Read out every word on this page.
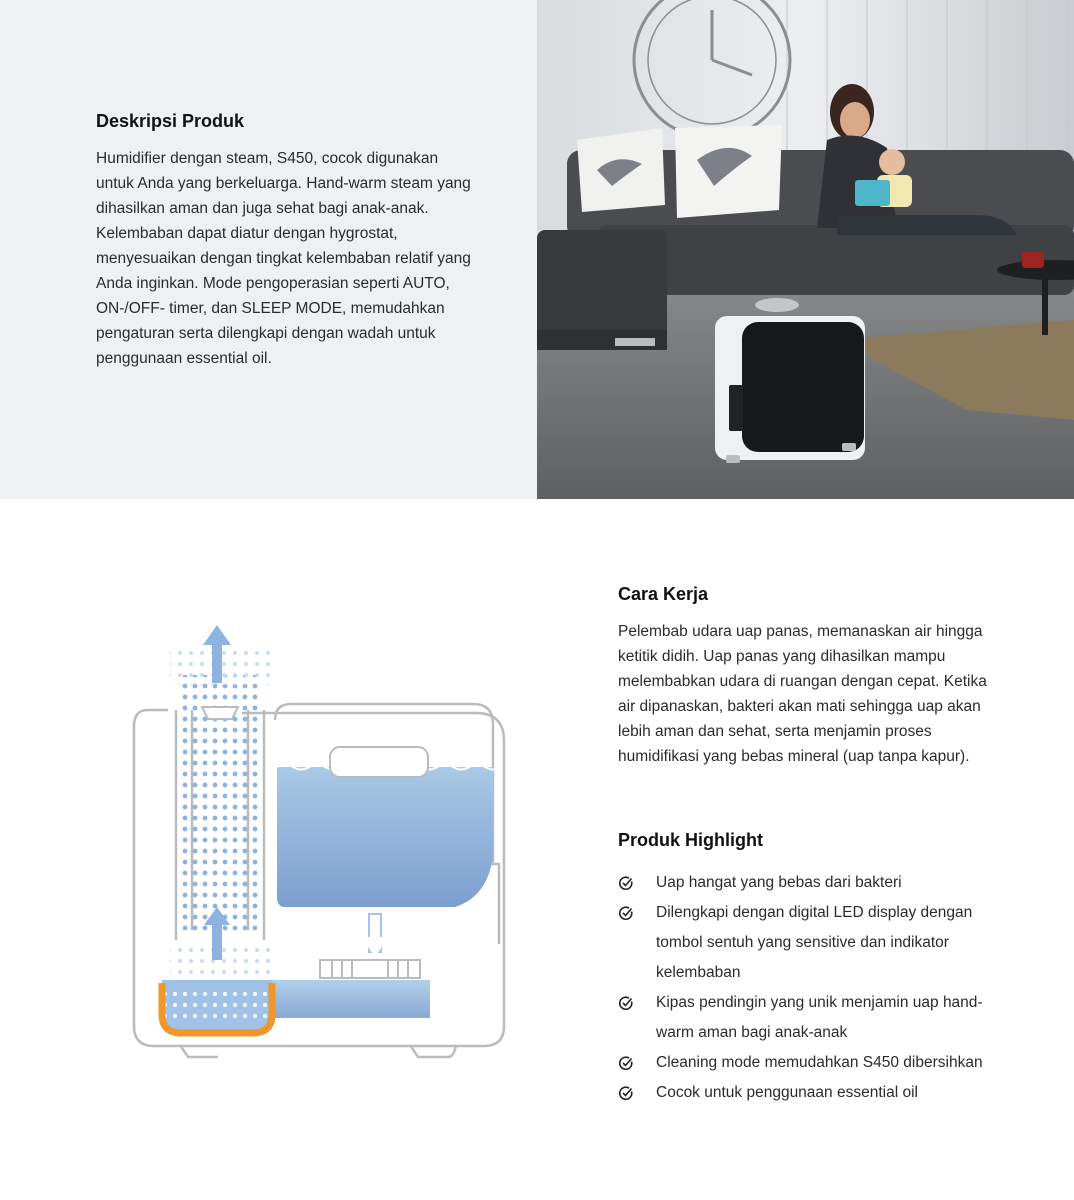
Deskripsi Produk

Humidifier dengan steam, S450, cocok digunakan untuk Anda yang berkeluarga. Hand-warm steam yang dihasilkan aman dan juga sehat bagi anak-anak. Kelembaban dapat diatur dengan hygrostat, menyesuaikan dengan tingkat kelembaban relatif yang Anda inginkan. Mode pengoperasian seperti AUTO, ON-/OFF- timer, dan SLEEP MODE, memudahkan pengaturan serta dilengkapi dengan wadah untuk penggunaan essential oil.

Cara Kerja

Pelembab udara uap panas, memanaskan air hingga ketitik didih. Uap panas yang dihasilkan mampu melembabkan udara di ruangan dengan cepat. Ketika air dipanaskan, bakteri akan mati sehingga uap akan lebih aman dan sehat, serta menjamin proses humidifikasi yang bebas mineral (uap tanpa kapur).

Produk Highlight
Uap hangat yang bebas dari bakteri
Dilengkapi dengan digital LED display dengan tombol sentuh yang sensitive dan indikator kelembaban
Kipas pendingin yang unik menjamin uap hand-warm aman bagi anak-anak
Cleaning mode memudahkan S450 dibersihkan
Cocok untuk penggunaan essential oil
